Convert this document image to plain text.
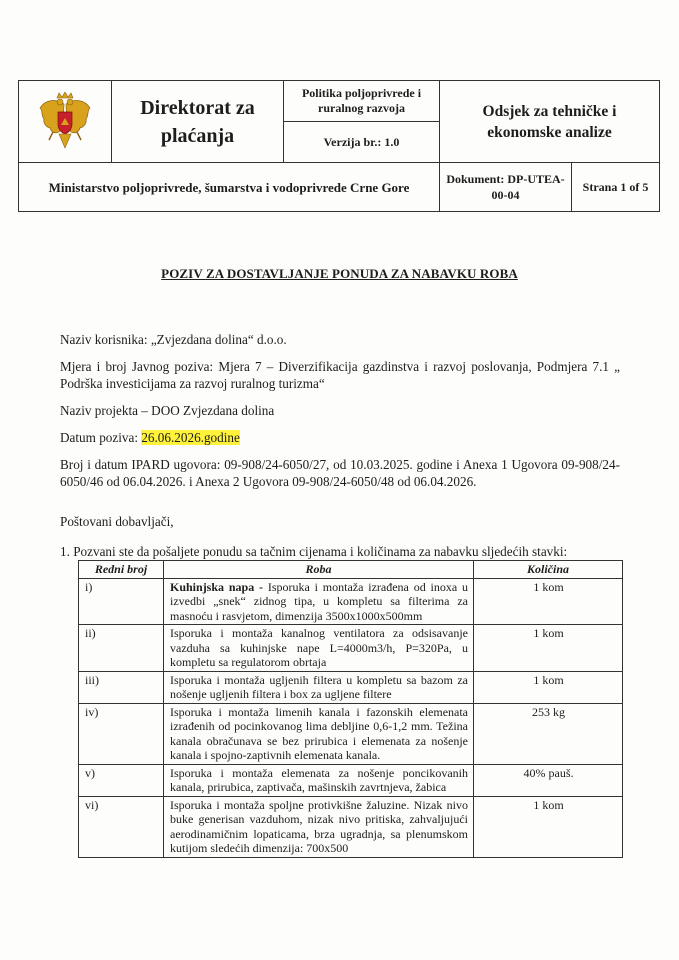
Direktorat za plaćanja
Politika poljoprivrede i ruralnog razvoja
Verzija br.: 1.0
Odsjek za tehničke i ekonomske analize
Ministarstvo poljoprivrede, šumarstva i vodoprivrede Crne Gore
Dokument: DP-UTEA-00-04
Strana 1 of 5
POZIV ZA DOSTAVLJANJE PONUDA ZA NABAVKU ROBA

Naziv korisnika: „Zvjezdana dolina“ d.o.o.

Mjera i broj Javnog poziva: Mjera 7 – Diverzifikacija gazdinstva i razvoj poslovanja, Podmjera 7.1 „ Podrška investicijama za razvoj ruralnog turizma“

Naziv projekta – DOO Zvjezdana dolina

Datum poziva: 26.06.2026.godine

Broj i datum IPARD ugovora: 09-908/24-6050/27, od 10.03.2025. godine i Anexa 1 Ugovora 09-908/24-6050/46 od 06.04.2026. i Anexa 2 Ugovora 09-908/24-6050/48 od 06.04.2026.

Poštovani dobavljači,

1. Pozvani ste da pošaljete ponudu sa tačnim cijenama i količinama za nabavku sljedećih stavki:
Redni broj	Roba	Količina
i)	Kuhinjska napa - Isporuka i montaža izrađena od inoxa u izvedbi „snek“ zidnog tipa, u kompletu sa filterima za masnoću i rasvjetom, dimenzija 3500x1000x500mm	1 kom
ii)	Isporuka i montaža kanalnog ventilatora za odsisavanje vazduha sa kuhinjske nape L=4000m3/h, P=320Pa, u kompletu sa regulatorom obrtaja	1 kom
iii)	Isporuka i montaža ugljenih filtera u kompletu sa bazom za nošenje ugljenih filtera i box za ugljene filtere	1 kom
iv)	Isporuka i montaža limenih kanala i fazonskih elemenata izrađenih od pocinkovanog lima debljine 0,6-1,2 mm. Težina kanala obračunava se bez prirubica i elemenata za nošenje kanala i spojno-zaptivnih elemenata kanala.	253 kg
v)	Isporuka i montaža elemenata za nošenje poncikovanih kanala, prirubica, zaptivača, mašinskih zavrtnjeva, žabica	40% pauš.
vi)	Isporuka i montaža spoljne protivkišne žaluzine. Nizak nivo buke generisan vazduhom, nizak nivo pritiska, zahvaljujući aerodinamičnim lopaticama, brza ugradnja, sa plenumskom kutijom sledećih dimenzija: 700x500	1 kom
